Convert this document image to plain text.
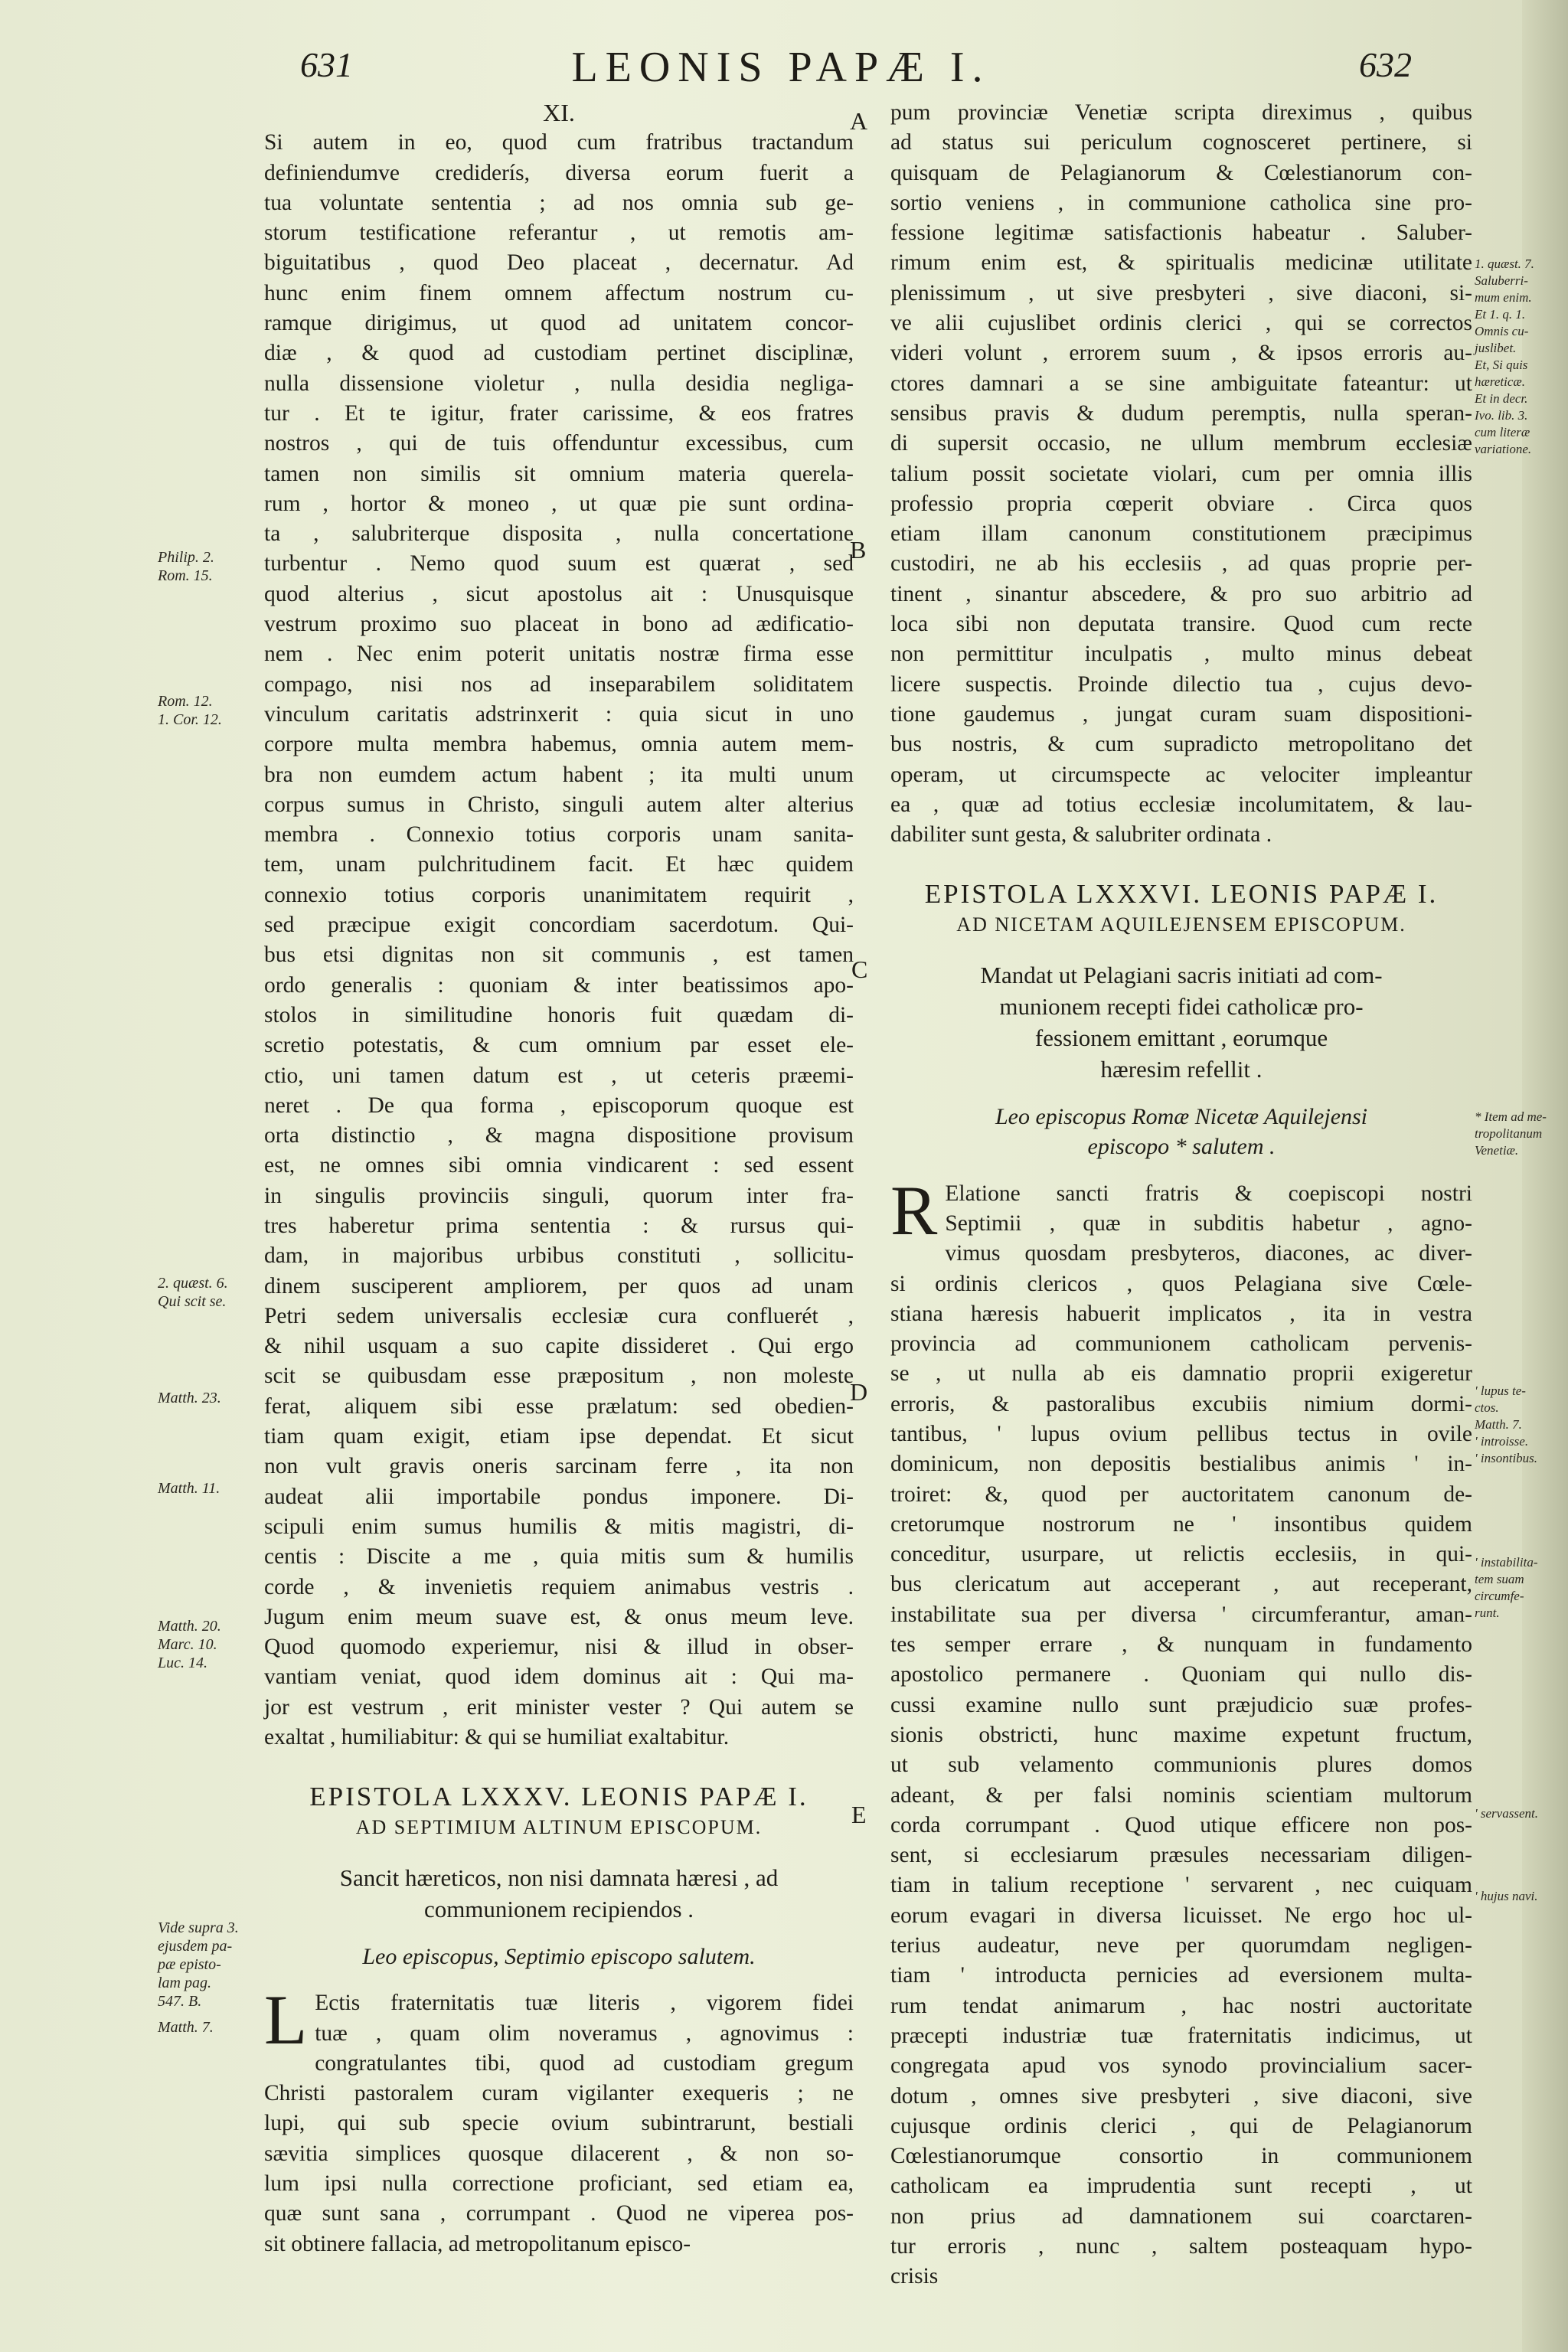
631	LEONIS PAPÆ I.	632
A
B
C
D
E
Philip. 2.
Rom. 15.
Rom. 12.
1. Cor. 12.
2. quæst. 6.
Qui scit se.
Matth. 23.
Matth. 11.
Matth. 20.
Marc. 10.
Luc. 14.
Vide supra 3.
ejusdem pa-
pæ episto-
lam pag.
547. B.
Matth. 7.
1. quæst. 7.
Saluberri-
mum enim.
Et 1. q. 1.
Omnis cu-
juslibet.
Et, Si quis
hæreticæ.
Et in decr.
Ivo. lib. 3.
cum literæ
variatione.
* Item ad me-
tropolitanum
Venetiæ.
' lupus te-
ctos.
Matth. 7.
' introisse.
' insontibus.
' instabilita-
tem suam
circumfe-
runt.
' servassent.
' hujus navi.
XI.
Si autem in eo, quod cum fratribus tractandum
definiendumve crediderís, diversa eorum fuerit a
tua voluntate sententia ; ad nos omnia sub ge-
storum testificatione referantur , ut remotis am-
biguitatibus , quod Deo placeat , decernatur. Ad
hunc enim finem omnem affectum nostrum cu-
ramque dirigimus, ut quod ad unitatem concor-
diæ , & quod ad custodiam pertinet disciplinæ,
nulla dissensione violetur , nulla desidia negliga-
tur . Et te igitur, frater carissime, & eos fratres
nostros , qui de tuis offenduntur excessibus, cum
tamen non similis sit omnium materia querela-
rum , hortor & moneo , ut quæ pie sunt ordina-
ta , salubriterque disposita , nulla concertatione
turbentur . Nemo quod suum est quærat , sed
quod alterius , sicut apostolus ait : Unusquisque
vestrum proximo suo placeat in bono ad ædificatio-
nem . Nec enim poterit unitatis nostræ firma esse
compago, nisi nos ad inseparabilem soliditatem
vinculum caritatis adstrinxerit : quia sicut in uno
corpore multa membra habemus, omnia autem mem-
bra non eumdem actum habent ; ita multi unum
corpus sumus in Christo, singuli autem alter alterius
membra . Connexio totius corporis unam sanita-
tem, unam pulchritudinem facit. Et hæc quidem
connexio totius corporis unanimitatem requirit ,
sed præcipue exigit concordiam sacerdotum. Qui-
bus etsi dignitas non sit communis , est tamen
ordo generalis : quoniam & inter beatissimos apo-
stolos in similitudine honoris fuit quædam di-
scretio potestatis, & cum omnium par esset ele-
ctio, uni tamen datum est , ut ceteris præemi-
neret . De qua forma , episcoporum quoque est
orta distinctio , & magna dispositione provisum
est, ne omnes sibi omnia vindicarent : sed essent
in singulis provinciis singuli, quorum inter fra-
tres haberetur prima sententia : & rursus qui-
dam, in majoribus urbibus constituti , sollicitu-
dinem susciperent ampliorem, per quos ad unam
Petri sedem universalis ecclesiæ cura confluerét ,
& nihil usquam a suo capite dissideret . Qui ergo
scit se quibusdam esse præpositum , non moleste
ferat, aliquem sibi esse prælatum: sed obedien-
tiam quam exigit, etiam ipse dependat. Et sicut
non vult gravis oneris sarcinam ferre , ita non
audeat alii importabile pondus imponere. Di-
scipuli enim sumus humilis & mitis magistri, di-
centis : Discite a me , quia mitis sum & humilis
corde , & invenietis requiem animabus vestris .
Jugum enim meum suave est, & onus meum leve.
Quod quomodo experiemur, nisi & illud in obser-
vantiam veniat, quod idem dominus ait : Qui ma-
jor est vestrum , erit minister vester ? Qui autem se
exaltat , humiliabitur: & qui se humiliat exaltabitur.
EPISTOLA LXXXV. LEONIS PAPÆ I.
AD SEPTIMIUM ALTINUM EPISCOPUM.
Sancit hæreticos, non nisi damnata hæresi , ad
communionem recipiendos .
Leo episcopus, Septimio episcopo salutem.
L Ectis fraternitatis tuæ literis , vigorem fidei
tuæ , quam olim noveramus , agnovimus :
congratulantes tibi, quod ad custodiam gregum
Christi pastoralem curam vigilanter exequeris ; ne
lupi, qui sub specie ovium subintrarunt, bestiali
sævitia simplices quosque dilacerent , & non so-
lum ipsi nulla correctione proficiant, sed etiam ea,
quæ sunt sana , corrumpant . Quod ne viperea pos-
sit obtinere fallacia, ad metropolitanum episco-
pum provinciæ Venetiæ scripta direximus , quibus
ad status sui periculum cognosceret pertinere, si
quisquam de Pelagianorum & Cœlestianorum con-
sortio veniens , in communione catholica sine pro-
fessione legitimæ satisfactionis habeatur . Saluber-
rimum enim est, & spiritualis medicinæ utilitate
plenissimum , ut sive presbyteri , sive diaconi, si-
ve alii cujuslibet ordinis clerici , qui se correctos
videri volunt , errorem suum , & ipsos erroris au-
ctores damnari a se sine ambiguitate fateantur: ut
sensibus pravis & dudum peremptis, nulla speran-
di supersit occasio, ne ullum membrum ecclesiæ
talium possit societate violari, cum per omnia illis
professio propria cœperit obviare . Circa quos
etiam illam canonum constitutionem præcipimus
custodiri, ne ab his ecclesiis , ad quas proprie per-
tinent , sinantur abscedere, & pro suo arbitrio ad
loca sibi non deputata transire. Quod cum recte
non permittitur inculpatis , multo minus debeat
licere suspectis. Proinde dilectio tua , cujus devo-
tione gaudemus , jungat curam suam dispositioni-
bus nostris, & cum supradicto metropolitano det
operam, ut circumspecte ac velociter impleantur
ea , quæ ad totius ecclesiæ incolumitatem, & lau-
dabiliter sunt gesta, & salubriter ordinata .
EPISTOLA LXXXVI. LEONIS PAPÆ I.
AD NICETAM AQUILEJENSEM EPISCOPUM.
Mandat ut Pelagiani sacris initiati ad com-
munionem recepti fidei catholicæ pro-
fessionem emittant , eorumque
hæresim refellit .
Leo episcopus Romæ Nicetæ Aquilejensi
episcopo * salutem .
R Elatione sancti fratris & coepiscopi nostri
Septimii , quæ in subditis habetur , agno-
vimus quosdam presbyteros, diacones, ac diver-
si ordinis clericos , quos Pelagiana sive Cœle-
stiana hæresis habuerit implicatos , ita in vestra
provincia ad communionem catholicam pervenis-
se , ut nulla ab eis damnatio proprii exigeretur
erroris, & pastoralibus excubiis nimium dormi-
tantibus, ' lupus ovium pellibus tectus in ovile
dominicum, non depositis bestialibus animis ' in-
troiret: &, quod per auctoritatem canonum de-
cretorumque nostrorum ne ' insontibus quidem
conceditur, usurpare, ut relictis ecclesiis, in qui-
bus clericatum aut acceperant , aut receperant,
instabilitate sua per diversa ' circumferantur, aman-
tes semper errare , & nunquam in fundamento
apostolico permanere . Quoniam qui nullo dis-
cussi examine nullo sunt præjudicio suæ profes-
sionis obstricti, hunc maxime expetunt fructum,
ut sub velamento communionis plures domos
adeant, & per falsi nominis scientiam multorum
corda corrumpant . Quod utique efficere non pos-
sent, si ecclesiarum præsules necessariam diligen-
tiam in talium receptione ' servarent , nec cuiquam
eorum evagari in diversa licuisset. Ne ergo hoc ul-
terius audeatur, neve per quorumdam negligen-
tiam ' introducta pernicies ad eversionem multa-
rum tendat animarum , hac nostri auctoritate
præcepti industriæ tuæ fraternitatis indicimus, ut
congregata apud vos synodo provincialium sacer-
dotum , omnes sive presbyteri , sive diaconi, sive
cujusque ordinis clerici , qui de Pelagianorum
Cœlestianorumque consortio in communionem
catholicam ea imprudentia sunt recepti , ut
non prius ad damnationem sui coarctaren-
tur erroris , nunc , saltem posteaquam hypo-
crisis
